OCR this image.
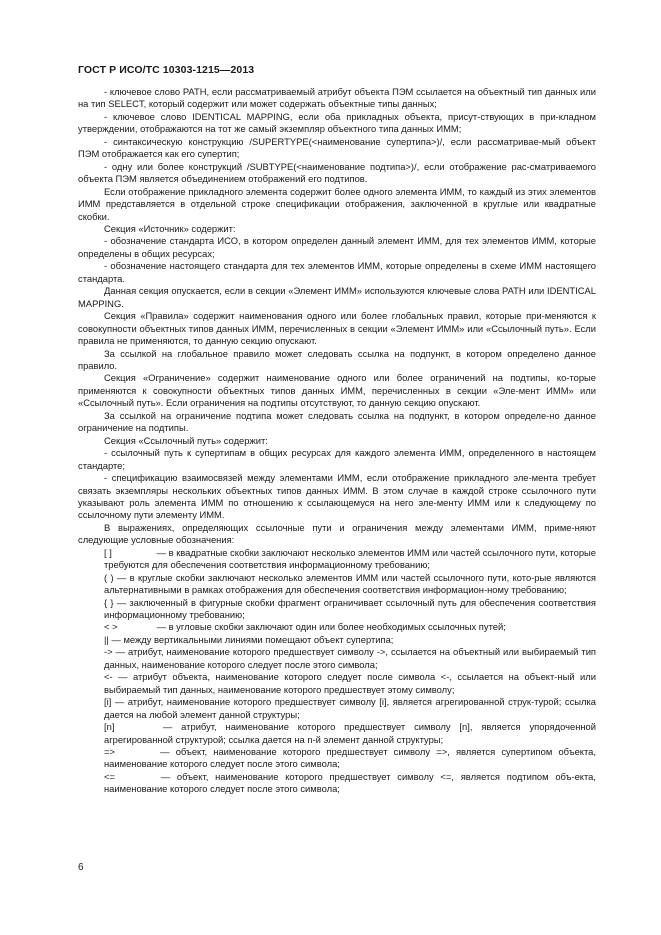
ГОСТ Р ИСО/ТС 10303-1215—2013

- ключевое слово PATH, если рассматриваемый атрибут объекта ПЭМ ссылается на объектный тип данных или на тип SELECT, который содержит или может содержать объектные типы данных;

- ключевое слово IDENTICAL MAPPING, если оба прикладных объекта, присут-ствующих в при-кладном утверждении, отображаются на тот же самый экземпляр объектного типа данных ИММ;

- синтаксическую конструкцию /SUPERTYPE(<наименование супертипа>)/, если рассматривае-мый объект ПЭМ отображается как его супертип;

- одну или более конструкций /SUBTYPE(<наименование подтипа>)/, если отображение рас-сматриваемого объекта ПЭМ является объединением отображений его подтипов.

Если отображение прикладного элемента содержит более одного элемента ИММ, то каждый из этих элементов ИММ представляется в отдельной строке спецификации отображения, заключенной в круглые или квадратные скобки.

Секция «Источник» содержит:

- обозначение стандарта ИСО, в котором определен данный элемент ИММ, для тех элементов ИММ, которые определены в общих ресурсах;

- обозначение настоящего стандарта для тех элементов ИММ, которые определены в схеме ИММ настоящего стандарта.

Данная секция опускается, если в секции «Элемент ИММ» используются ключевые слова PATH или IDENTICAL MAPPING.

Секция «Правила» содержит наименования одного или более глобальных правил, которые при-меняются к совокупности объектных типов данных ИММ, перечисленных в секции «Элемент ИММ» или «Ссылочный путь». Если правила не применяются, то данную секцию опускают.

За ссылкой на глобальное правило может следовать ссылка на подпункт, в котором определено данное правило.

Секция «Ограничение» содержит наименование одного или более ограничений на подтипы, ко-торые применяются к совокупности объектных типов данных ИММ, перечисленных в секции «Эле-мент ИММ» или «Ссылочный путь». Если ограничения на подтипы отсутствуют, то данную секцию опускают.

За ссылкой на ограничение подтипа может следовать ссылка на подпункт, в котором определе-но данное ограничение на подтипы.

Секция «Ссылочный путь» содержит:

- ссылочный путь к супертипам в общих ресурсах для каждого элемента ИММ, определенного в настоящем стандарте;

- спецификацию взаимосвязей между элементами ИММ, если отображение прикладного эле-мента требует связать экземпляры нескольких объектных типов данных ИММ. В этом случае в каждой строке ссылочного пути указывают роль элемента ИММ по отношению к ссылающемуся на него эле-менту ИММ или к следующему по ссылочному пути элементу ИММ.

В выражениях, определяющих ссылочные пути и ограничения между элементами ИММ, приме-няют следующие условные обозначения:

[ ]	— в квадратные скобки заключают несколько элементов ИММ или частей ссылочного пути, которые требуются для обеспечения соответствия информационному требованию;

( ) — в круглые скобки заключают несколько элементов ИММ или частей ссылочного пути, кото-рые являются альтернативными в рамках отображения для обеспечения соответствия информацион-ному требованию;

{ } — заключенный в фигурные скобки фрагмент ограничивает ссылочный путь для обеспечения соответствия информационному требованию;

< >	— в угловые скобки заключают один или более необходимых ссылочных путей;

|| — между вертикальными линиями помещают объект супертипа;

-> — атрибут, наименование которого предшествует символу ->, ссылается на объектный или выбираемый тип данных, наименование которого следует после этого символа;

<- — атрибут объекта, наименование которого следует после символа <-, ссылается на объект-ный или выбираемый тип данных, наименование которого предшествует этому символу;

[i] — атрибут, наименование которого предшествует символу [i], является агрегированной струк-турой; ссылка дается на любой элемент данной структуры;

[n]	— атрибут, наименование которого предшествует символу [n], является упорядоченной агрегированной структурой; ссылка дается на n-й элемент данной структуры;

=>	— объект, наименование которого предшествует символу =>, является супертипом объекта, наименование которого следует после этого символа;

<=	— объект, наименование которого предшествует символу <=, является подтипом объ-екта, наименование которого следует после этого символа;

6
